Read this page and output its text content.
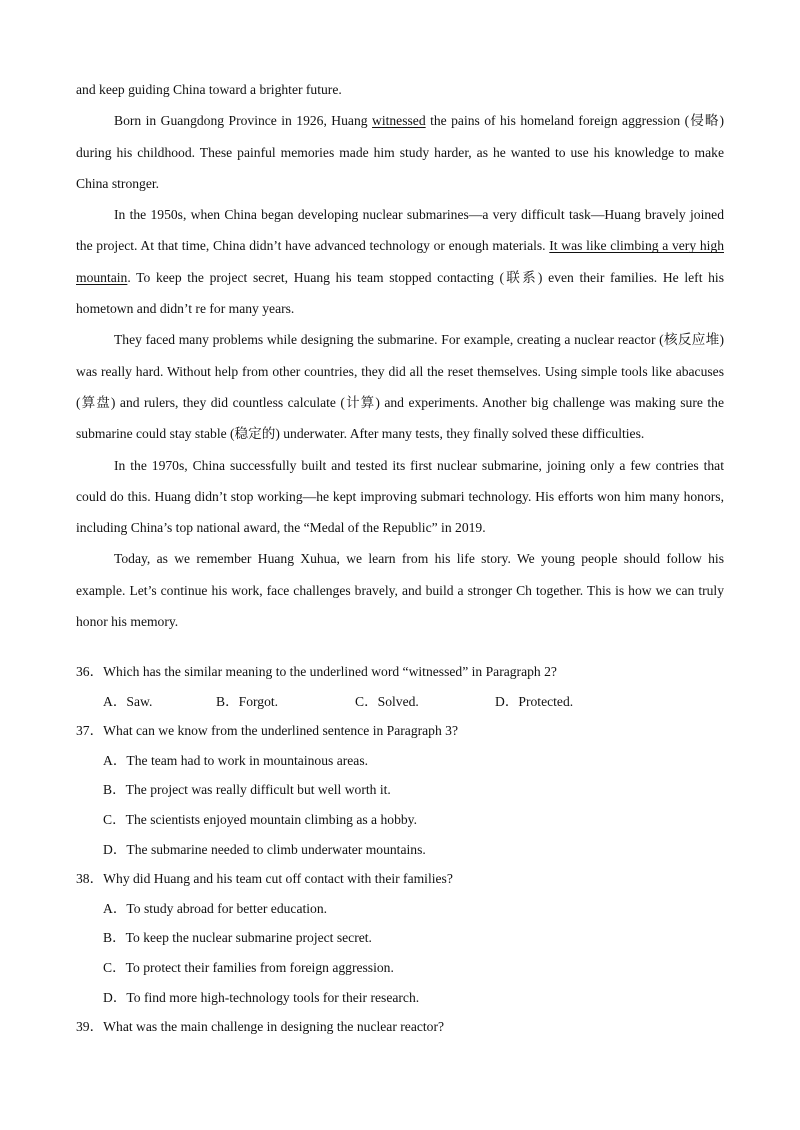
and keep guiding China toward a brighter future.

Born in Guangdong Province in 1926, Huang witnessed the pains of his homeland foreign aggression (侵略) during his childhood. These painful memories made him study harder, as he wanted to use his knowledge to make China stronger.

In the 1950s, when China began developing nuclear submarines—a very difficult task—Huang bravely joined the project. At that time, China didn’t have advanced technology or enough materials. It was like climbing a very high mountain. To keep the project secret, Huang his team stopped contacting (联系) even their families. He left his hometown and didn’t re for many years.

They faced many problems while designing the submarine. For example, creating a nuclear reactor (核反应堆) was really hard. Without help from other countries, they did all the reset themselves. Using simple tools like abacuses (算盘) and rulers, they did countless calculate (计算) and experiments. Another big challenge was making sure the submarine could stay stable (稳定的) underwater. After many tests, they finally solved these difficulties.

In the 1970s, China successfully built and tested its first nuclear submarine, joining only a few contries that could do this. Huang didn’t stop working—he kept improving submari technology. His efforts won him many honors, including China’s top national award, the “Medal of the Republic” in 2019.

Today, as we remember Huang Xuhua, we learn from his life story. We young people should follow his example. Let’s continue his work, face challenges bravely, and build a stronger Ch together. This is how we can truly honor his memory.

36．Which has the similar meaning to the underlined word “witnessed” in Paragraph 2?
A．Saw.	B．Forgot.	C．Solved.	D．Protected.
37．What can we know from the underlined sentence in Paragraph 3?
A．The team had to work in mountainous areas.
B．The project was really difficult but well worth it.
C．The scientists enjoyed mountain climbing as a hobby.
D．The submarine needed to climb underwater mountains.
38．Why did Huang and his team cut off contact with their families?
A．To study abroad for better education.
B．To keep the nuclear submarine project secret.
C．To protect their families from foreign aggression.
D．To find more high-technology tools for their research.
39．What was the main challenge in designing the nuclear reactor?
